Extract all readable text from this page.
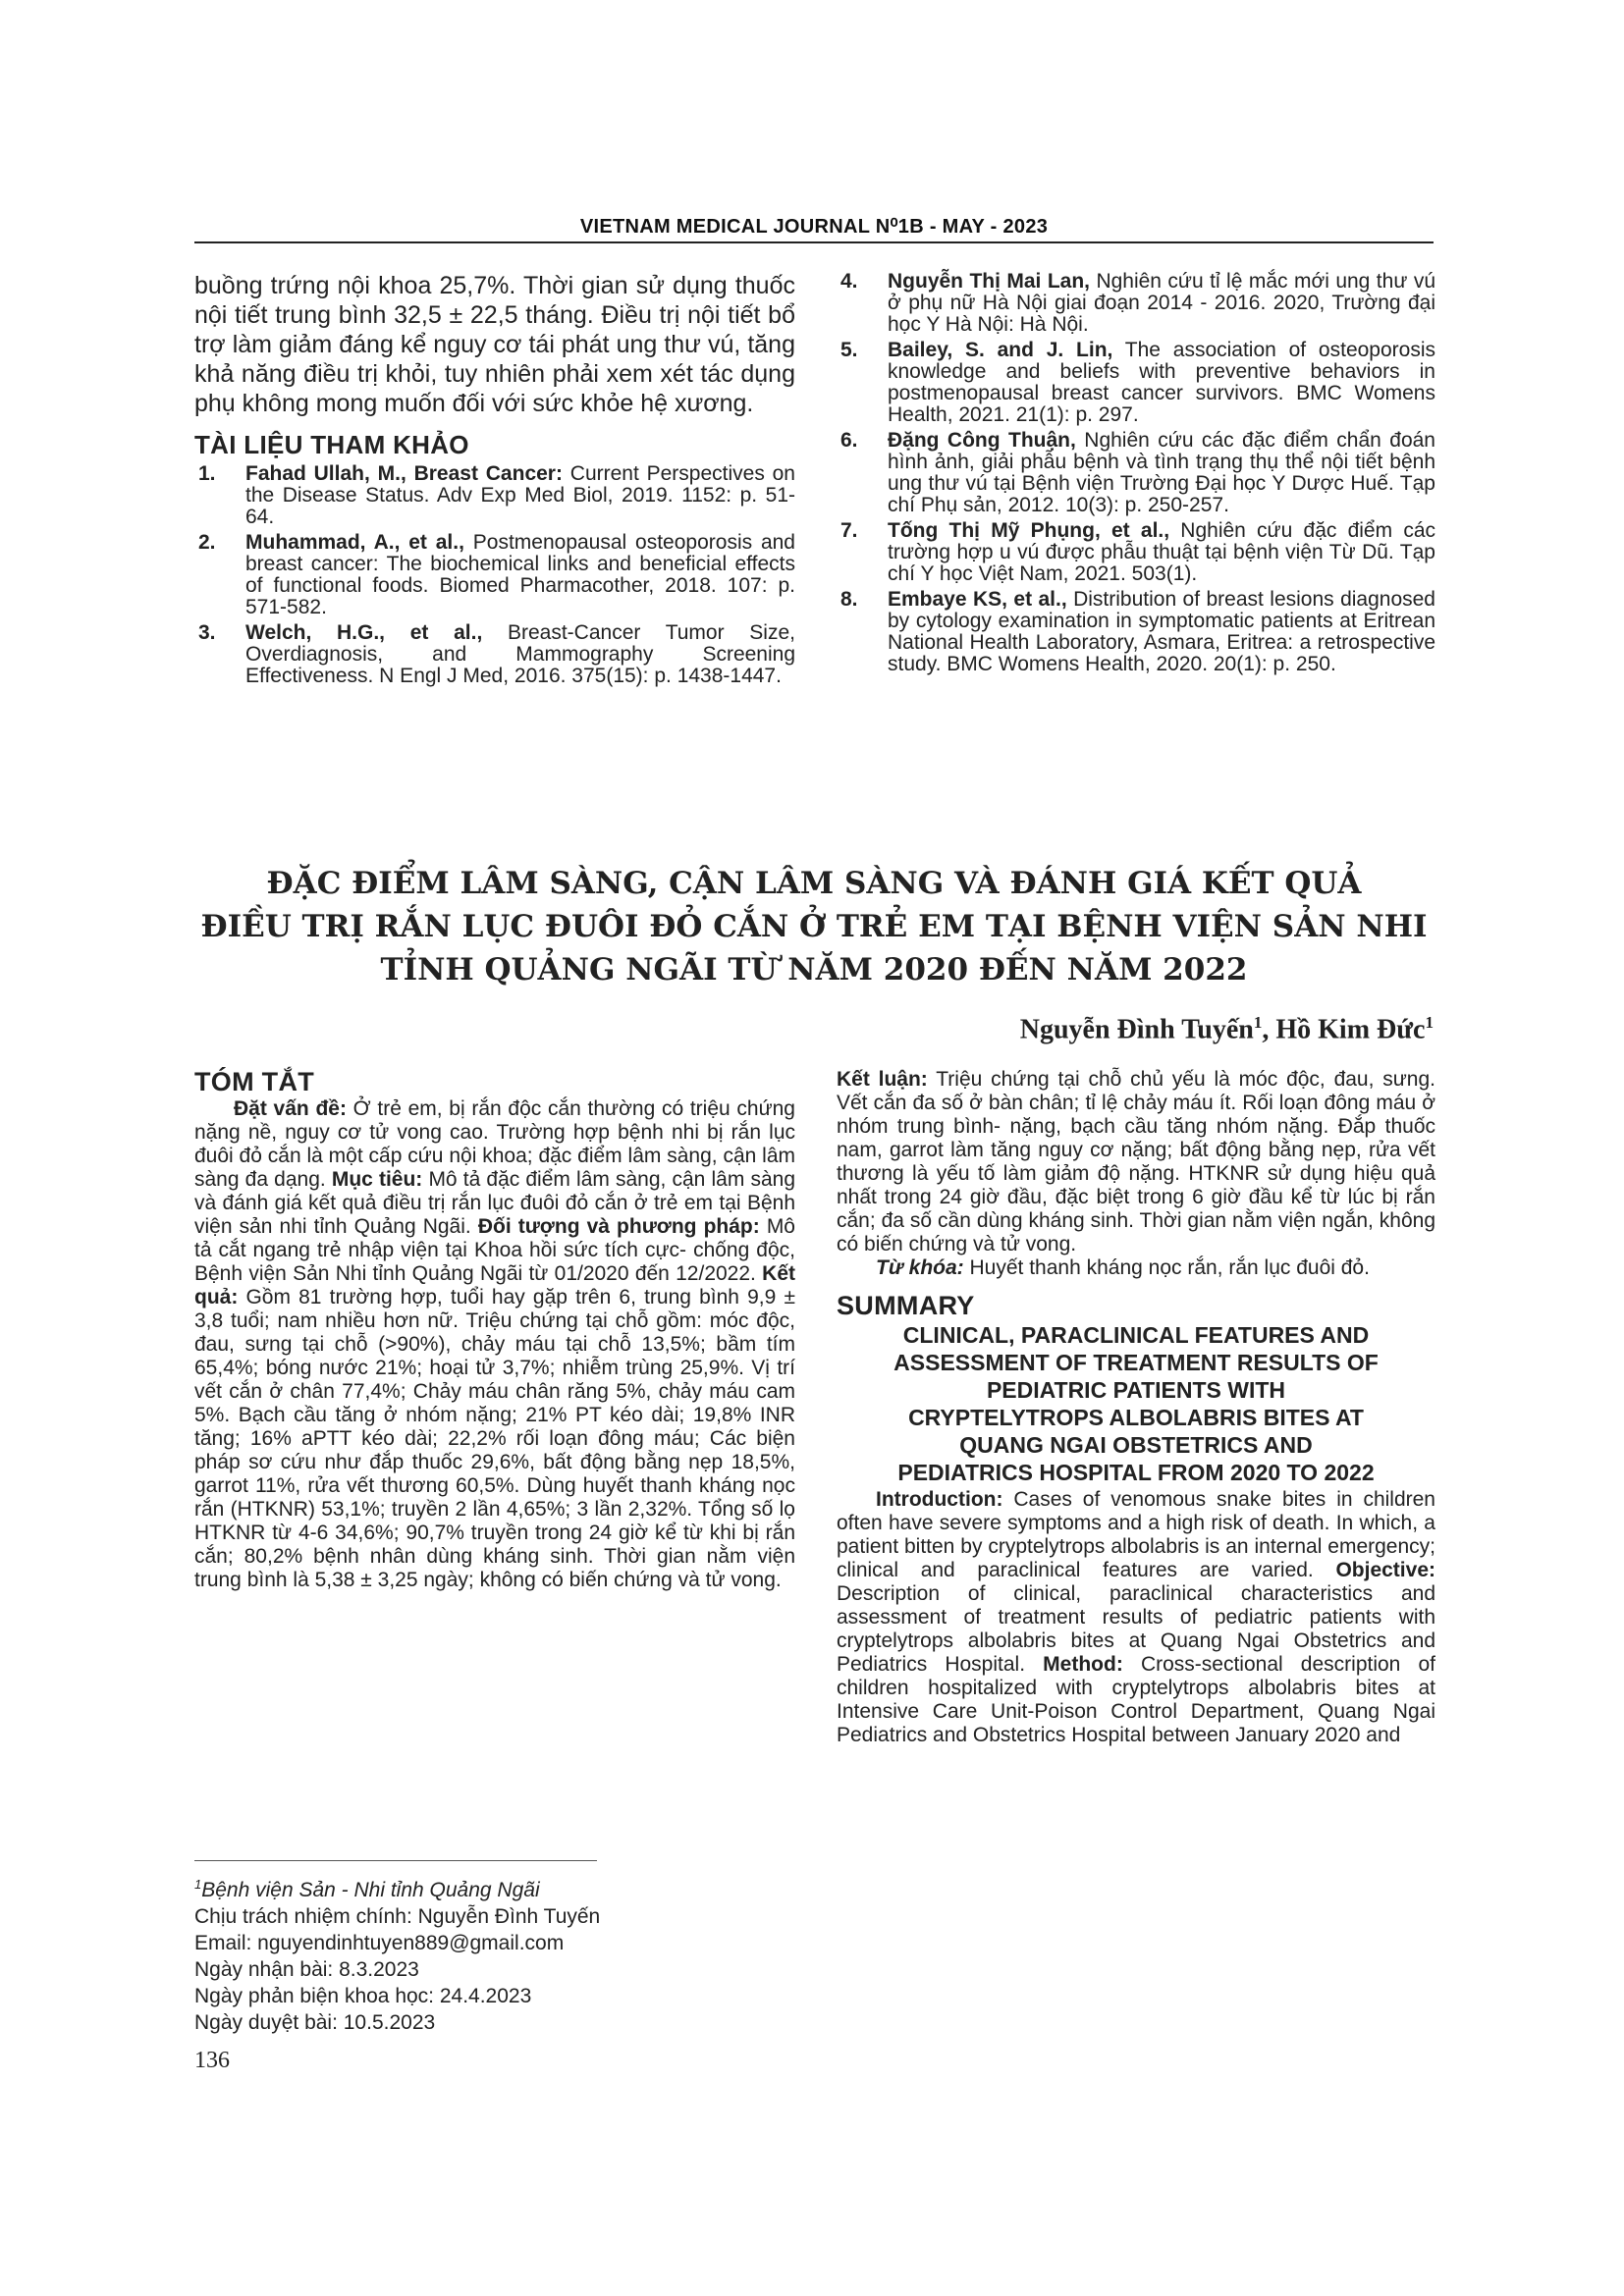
VIETNAM MEDICAL JOURNAL N⁰1B - MAY - 2023

buồng trứng nội khoa 25,7%. Thời gian sử dụng thuốc nội tiết trung bình 32,5 ± 22,5 tháng. Điều trị nội tiết bổ trợ làm giảm đáng kể nguy cơ tái phát ung thư vú, tăng khả năng điều trị khỏi, tuy nhiên phải xem xét tác dụng phụ không mong muốn đối với sức khỏe hệ xương.

TÀI LIỆU THAM KHẢO
1. Fahad Ullah, M., Breast Cancer: Current Perspectives on the Disease Status. Adv Exp Med Biol, 2019. 1152: p. 51-64.
2. Muhammad, A., et al., Postmenopausal osteoporosis and breast cancer: The biochemical links and beneficial effects of functional foods. Biomed Pharmacother, 2018. 107: p. 571-582.
3. Welch, H.G., et al., Breast-Cancer Tumor Size, Overdiagnosis, and Mammography Screening Effectiveness. N Engl J Med, 2016. 375(15): p. 1438-1447.
4. Nguyễn Thị Mai Lan, Nghiên cứu tỉ lệ mắc mới ung thư vú ở phụ nữ Hà Nội giai đoạn 2014 - 2016. 2020, Trường đại học Y Hà Nội: Hà Nội.
5. Bailey, S. and J. Lin, The association of osteoporosis knowledge and beliefs with preventive behaviors in postmenopausal breast cancer survivors. BMC Womens Health, 2021. 21(1): p. 297.
6. Đặng Công Thuận, Nghiên cứu các đặc điểm chẩn đoán hình ảnh, giải phẫu bệnh và tình trạng thụ thể nội tiết bệnh ung thư vú tại Bệnh viện Trường Đại học Y Dược Huế. Tạp chí Phụ sản, 2012. 10(3): p. 250-257.
7. Tống Thị Mỹ Phụng, et al., Nghiên cứu đặc điểm các trường hợp u vú được phẫu thuật tại bệnh viện Từ Dũ. Tạp chí Y học Việt Nam, 2021. 503(1).
8. Embaye KS, et al., Distribution of breast lesions diagnosed by cytology examination in symptomatic patients at Eritrean National Health Laboratory, Asmara, Eritrea: a retrospective study. BMC Womens Health, 2020. 20(1): p. 250.
ĐẶC ĐIỂM LÂM SÀNG, CẬN LÂM SÀNG VÀ ĐÁNH GIÁ KẾT QUẢ
ĐIỀU TRỊ RẮN LỤC ĐUÔI ĐỎ CẮN Ở TRẺ EM TẠI BỆNH VIỆN SẢN NHI
TỈNH QUẢNG NGÃI TỪ NĂM 2020 ĐẾN NĂM 2022
Nguyễn Đình Tuyến$^1$, Hồ Kim Đức$^1$
TÓM TẮT

Đặt vấn đề: Ở trẻ em, bị rắn độc cắn thường có triệu chứng nặng nề, nguy cơ tử vong cao. Trường hợp bệnh nhi bị rắn lục đuôi đỏ cắn là một cấp cứu nội khoa; đặc điểm lâm sàng, cận lâm sàng đa dạng. Mục tiêu: Mô tả đặc điểm lâm sàng, cận lâm sàng và đánh giá kết quả điều trị rắn lục đuôi đỏ cắn ở trẻ em tại Bệnh viện sản nhi tỉnh Quảng Ngãi. Đối tượng và phương pháp: Mô tả cắt ngang trẻ nhập viện tại Khoa hồi sức tích cực- chống độc, Bệnh viện Sản Nhi tỉnh Quảng Ngãi từ 01/2020 đến 12/2022. Kết quả: Gồm 81 trường hợp, tuổi hay gặp trên 6, trung bình 9,9 ± 3,8 tuổi; nam nhiều hơn nữ. Triệu chứng tại chỗ gồm: móc độc, đau, sưng tại chỗ (>90%), chảy máu tại chỗ 13,5%; bầm tím 65,4%; bóng nước 21%; hoại tử 3,7%; nhiễm trùng 25,9%. Vị trí vết cắn ở chân 77,4%; Chảy máu chân răng 5%, chảy máu cam 5%. Bạch cầu tăng ở nhóm nặng; 21% PT kéo dài; 19,8% INR tăng; 16% aPTT kéo dài; 22,2% rối loạn đông máu; Các biện pháp sơ cứu như đắp thuốc 29,6%, bất động bằng nẹp 18,5%, garrot 11%, rửa vết thương 60,5%. Dùng huyết thanh kháng nọc rắn (HTKNR) 53,1%; truyền 2 lần 4,65%; 3 lần 2,32%. Tổng số lọ HTKNR từ 4-6 34,6%; 90,7% truyền trong 24 giờ kể từ khi bị rắn cắn; 80,2% bệnh nhân dùng kháng sinh. Thời gian nằm viện trung bình là 5,38 ± 3,25 ngày; không có biến chứng và tử vong.

$^1$Bệnh viện Sản - Nhi tỉnh Quảng Ngãi
Chịu trách nhiệm chính: Nguyễn Đình Tuyến
Email: nguyendinhtuyen889@gmail.com
Ngày nhận bài: 8.3.2023
Ngày phản biện khoa học: 24.4.2023
Ngày duyệt bài: 10.5.2023
136

Kết luận: Triệu chứng tại chỗ chủ yếu là móc độc, đau, sưng. Vết cắn đa số ở bàn chân; tỉ lệ chảy máu ít. Rối loạn đông máu ở nhóm trung bình- nặng, bạch cầu tăng nhóm nặng. Đắp thuốc nam, garrot làm tăng nguy cơ nặng; bất động bằng nẹp, rửa vết thương là yếu tố làm giảm độ nặng. HTKNR sử dụng hiệu quả nhất trong 24 giờ đầu, đặc biệt trong 6 giờ đầu kể từ lúc bị rắn cắn; đa số cần dùng kháng sinh. Thời gian nằm viện ngắn, không có biến chứng và tử vong.

Từ khóa: Huyết thanh kháng nọc rắn, rắn lục đuôi đỏ.

SUMMARY
CLINICAL, PARACLINICAL FEATURES AND
ASSESSMENT OF TREATMENT RESULTS OF
PEDIATRIC PATIENTS WITH
CRYPTELYTROPS ALBOLABRIS BITES AT
QUANG NGAI OBSTETRICS AND
PEDIATRICS HOSPITAL FROM 2020 TO 2022

Introduction: Cases of venomous snake bites in children often have severe symptoms and a high risk of death. In which, a patient bitten by cryptelytrops albolabris is an internal emergency; clinical and paraclinical features are varied. Objective: Description of clinical, paraclinical characteristics and assessment of treatment results of pediatric patients with cryptelytrops albolabris bites at Quang Ngai Obstetrics and Pediatrics Hospital. Method: Cross-sectional description of children hospitalized with cryptelytrops albolabris bites at Intensive Care Unit-Poison Control Department, Quang Ngai Pediatrics and Obstetrics Hospital between January 2020 and
